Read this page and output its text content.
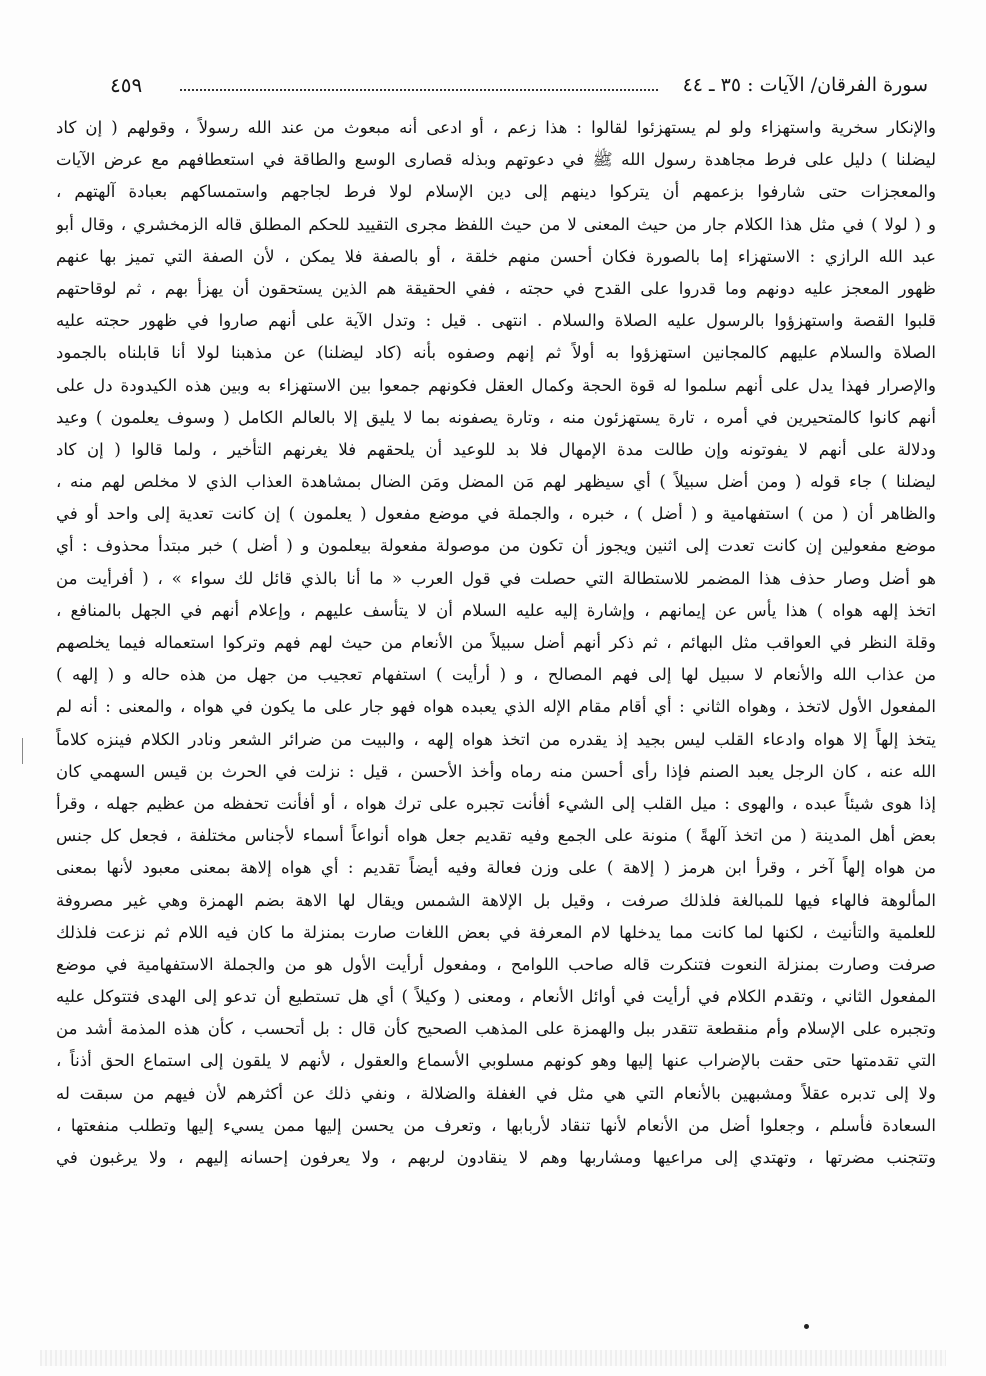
سورة الفرقان/ الآيات : ٣٥ ـ ٤٤
٤٥٩
والإنكار سخرية واستهزاء ولو لم يستهزئوا لقالوا : هذا زعم ، أو ادعى أنه مبعوث من عند الله رسولاً ، وقولهم ( إن كاد
ليضلنا ) دليل على فرط مجاهدة رسول الله ﷺ في دعوتهم وبذله قصارى الوسع والطاقة في استعطافهم مع عرض الآيات
والمعجزات حتى شارفوا بزعمهم أن يتركوا دينهم إلى دين الإسلام لولا فرط لجاجهم واستمساكهم بعبادة آلهتهم ،
و ( لولا ) في مثل هذا الكلام جار من حيث المعنى لا من حيث اللفظ مجرى التقييد للحكم المطلق قاله الزمخشري ، وقال أبو
عبد الله الرازي : الاستهزاء إما بالصورة فكان أحسن منهم خلقة ، أو بالصفة فلا يمكن ، لأن الصفة التي تميز بها عنهم
ظهور المعجز عليه دونهم وما قدروا على القدح في حجته ، ففي الحقيقة هم الذين يستحقون أن يهزأ بهم ، ثم لوقاحتهم
قلبوا القصة واستهزؤوا بالرسول عليه الصلاة والسلام . انتهى . قيل : وتدل الآية على أنهم صاروا في ظهور حجته عليه
الصلاة والسلام عليهم كالمجانين استهزؤوا به أولاً ثم إنهم وصفوه بأنه (كاد ليضلنا) عن مذهبنا لولا أنا قابلناه بالجمود
والإصرار فهذا يدل على أنهم سلموا له قوة الحجة وكمال العقل فكونهم جمعوا بين الاستهزاء به وبين هذه الكيدودة دل على
أنهم كانوا كالمتحيرين في أمره ، تارة يستهزئون منه ، وتارة يصفونه بما لا يليق إلا بالعالم الكامل ( وسوف يعلمون ) وعيد
ودلالة على أنهم لا يفوتونه وإن طالت مدة الإمهال فلا بد للوعيد أن يلحقهم فلا يغرنهم التأخير ، ولما قالوا ( إن كاد
ليضلنا ) جاء قوله ( ومن أضل سبيلاً ) أي سيظهر لهم مَن المضل ومَن الضال بمشاهدة العذاب الذي لا مخلص لهم منه ،
والظاهر أن ( من ) استفهامية و ( أضل ) ، خبره ، والجملة في موضع مفعول ( يعلمون ) إن كانت تعدية إلى واحد أو في
موضع مفعولين إن كانت تعدت إلى اثنين ويجوز أن تكون من موصولة مفعولة بيعلمون و ( أضل ) خبر مبتدأ محذوف : أي
هو أضل وصار حذف هذا المضمر للاستطالة التي حصلت في قول العرب « ما أنا بالذي قائل لك سواء » ، ( أفرأيت من
اتخذ إلهه هواه ) هذا يأس عن إيمانهم ، وإشارة إليه عليه السلام أن لا يتأسف عليهم ، وإعلام أنهم في الجهل بالمنافع ،
وقلة النظر في العواقب مثل البهائم ، ثم ذكر أنهم أضل سبيلاً من الأنعام من حيث لهم فهم وتركوا استعماله فيما يخلصهم
من عذاب الله والأنعام لا سبيل لها إلى فهم المصالح ، و ( أرأيت ) استفهام تعجيب من جهل من هذه حاله و ( إلهه )
المفعول الأول لاتخذ ، وهواه الثاني : أي أقام مقام الإله الذي يعبده هواه فهو جار على ما يكون في هواه ، والمعنى : أنه لم
يتخذ إلهاً إلا هواه وادعاء القلب ليس بجيد إذ يقدره من اتخذ هواه إلهه ، والبيت من ضرائر الشعر ونادر الكلام فينزه كلاماً
الله عنه ، كان الرجل يعبد الصنم فإذا رأى أحسن منه رماه وأخذ الأحسن ، قيل : نزلت في الحرث بن قيس السهمي كان
إذا هوى شيئاً عبده ، والهوى : ميل القلب إلى الشيء أفأنت تجبره على ترك هواه ، أو أفأنت تحفظه من عظيم جهله ، وقرأ
بعض أهل المدينة ( من اتخذ آلهةً ) منونة على الجمع وفيه تقديم جعل هواه أنواعاً أسماء لأجناس مختلفة ، فجعل كل جنس
من هواه إلهاً آخر ، وقرأ ابن هرمز ( إلاهة ) على وزن فعالة وفيه أيضاً تقديم : أي هواه إلاهة بمعنى معبود لأنها بمعنى
المألوهة فالهاء فيها للمبالغة فلذلك صرفت ، وقيل بل الإلاهة الشمس ويقال لها الاهة بضم الهمزة وهي غير مصروفة
للعلمية والتأنيث ، لكنها لما كانت مما يدخلها لام المعرفة في بعض اللغات صارت بمنزلة ما كان فيه اللام ثم نزعت فلذلك
صرفت وصارت بمنزلة النعوت فتنكرت قاله صاحب اللوامح ، ومفعول أرأيت الأول هو من والجملة الاستفهامية في موضع
المفعول الثاني ، وتقدم الكلام في أرأيت في أوائل الأنعام ، ومعنى ( وكيلاً ) أي هل تستطيع أن تدعو إلى الهدى فتتوكل عليه
وتجبره على الإسلام وأم منقطعة تتقدر ببل والهمزة على المذهب الصحيح كأن قال : بل أتحسب ، كأن هذه المذمة أشد من
التي تقدمتها حتى حقت بالإضراب عنها إليها وهو كونهم مسلوبي الأسماع والعقول ، لأنهم لا يلقون إلى استماع الحق أذناً ،
ولا إلى تدبره عقلاً ومشبهين بالأنعام التي هي مثل في الغفلة والضلالة ، ونفي ذلك عن أكثرهم لأن فيهم من سبقت له
السعادة فأسلم ، وجعلوا أضل من الأنعام لأنها تنقاد لأربابها ، وتعرف من يحسن إليها ممن يسيء إليها وتطلب منفعتها ،
وتتجنب مضرتها ، وتهتدي إلى مراعيها ومشاربها وهم لا ينقادون لربهم ، ولا يعرفون إحسانه إليهم ، ولا يرغبون في
